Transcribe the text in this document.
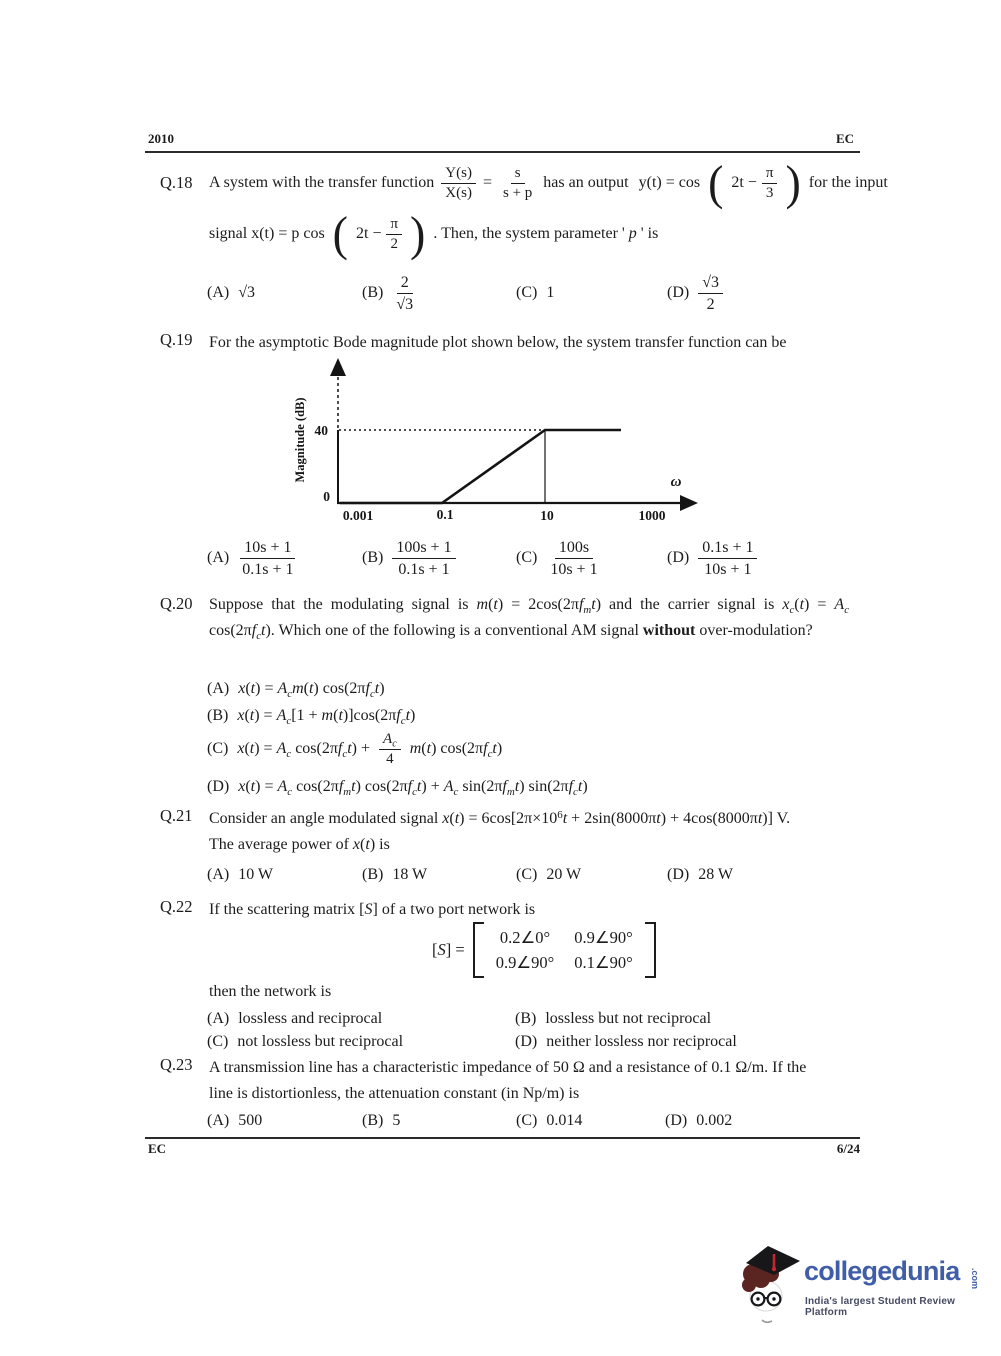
2010	EC
Q.18 A system with the transfer function $\frac{Y(s)}{X(s)} = \frac{s}{s + p}$ has an output y(t) = cos ( $2t - \frac{\pi}{3}$ ) for the input
signal x(t) = p cos ( $2t - \frac{\pi}{2}$ ) . Then, the system parameter ' p ' is
(A) √3	$(B) \frac{2}{√3}$	(C) 1	$(D) \frac{√3}{2}$
Q.19 For the asymptotic Bode magnitude plot shown below, the system transfer function can be
40
0
0.001	0.1	10	1000
ω
Magnitude (dB)
$(A) \frac{10s + 1}{0.1s + 1}$	$(B) \frac{100s + 1}{0.1s + 1}$	$(C) \frac{100s}{10s + 1}$	$(D) \frac{0.1s + 1}{10s + 1}$
Q.20 Suppose that the modulating signal is $m(t) = 2\cos(2\pi f_mt)$ and the carrier signal is $x_c(t) = A_c$ $\cos(2\pi f_ct)$. Which one of the following is a conventional AM signal without over-modulation?
(A) $x(t) = A_cm(t)$ $\cos(2\pi f_ct)$
(B) $x(t) = A_c[1 + m(t)]\cos(2\pi f_ct)$
(C) $x(t) = A_c$ $\cos(2\pi f_ct) + \frac{A_c}{4} m(t)$ $\cos(2\pi f_ct)$
(D) $x(t) = A_c$ $\cos(2\pi f_mt) \cos(2\pi f_ct) + A_c$ $\sin(2\pi f_mt)$ $\sin(2\pi f_ct)$
Q.21 Consider an angle modulated signal $x(t) = 6\cos[2\pi\times 10^6t + 2\sin(8000\pi t) + 4\cos(8000\pi t)]$ V.
The average power of x(t) is
(A) 10 W	(B) 18 W	(C) 20 W	(D) 28 W
Q.22 If the scattering matrix [S] of a two port network is
[S] =
0.2∠0° 0.9∠90°
0.9∠90° 0.1∠90°
then the network is
(A) lossless and reciprocal	(B) lossless but not reciprocal
(C) not lossless but reciprocal	(D) neither lossless nor reciprocal
Q.23 A transmission line has a characteristic impedance of 50 Ω and a resistance of 0.1 Ω/m. If the
line is distortionless, the attenuation constant (in Np/m) is
(A) 500	(B) 5	(C) 0.014	(D) 0.002
EC	6/24
collegedunia .com
India's largest Student Review Platform
